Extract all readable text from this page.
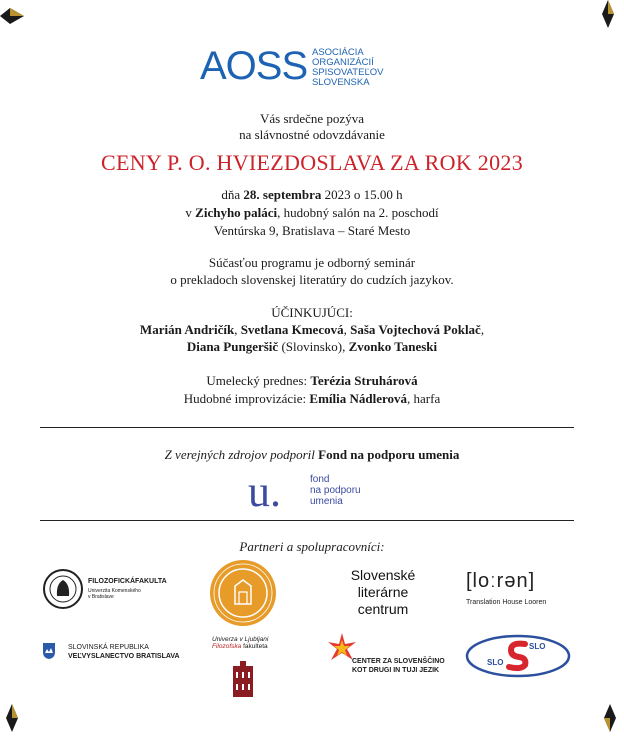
AOSS ASOCIÁCIA
ORGANIZÁCIÍ
SPISOVATEĽOV
SLOVENSKA
Vás srdečne pozýva
na slávnostné odovzdávanie
CENY P. O. HVIEZDOSLAVA ZA ROK 2023
dňa 28. septembra 2023 o 15.00 h
v Zichyho paláci, hudobný salón na 2. poschodí
Ventúrska 9, Bratislava – Staré Mesto
Súčasťou programu je odborný seminár
o prekladoch slovenskej literatúry do cudzích jazykov.
ÚČINKUJÚCI:
Marián Andričík, Svetlana Kmecová, Saša Vojtechová Poklač,
Diana Pungeršič (Slovinsko), Zvonko Taneski
Umelecký prednes: Terézia Struhárová
Hudobné improvizácie: Emília Nádlerová, harfa
Z verejných zdrojov podporil Fond na podporu umenia
u.	fond
na podporu
umenia
Partneri a spolupracovníci:
FILOZOFICKÁFAKULTA
Univerzita Komenského
v Bratislave
Slovenské
literárne
centrum
[loːrən]
Translation House Looren
SLOVINSKÁ REPUBLIKA
VEĽVYSLANECTVO BRATISLAVA
Univerza v Ljubljani
Filozofska fakulteta
CENTER ZA SLOVENŠČINO
KOT DRUGI IN TUJI JEZIK
SLO
SLO
